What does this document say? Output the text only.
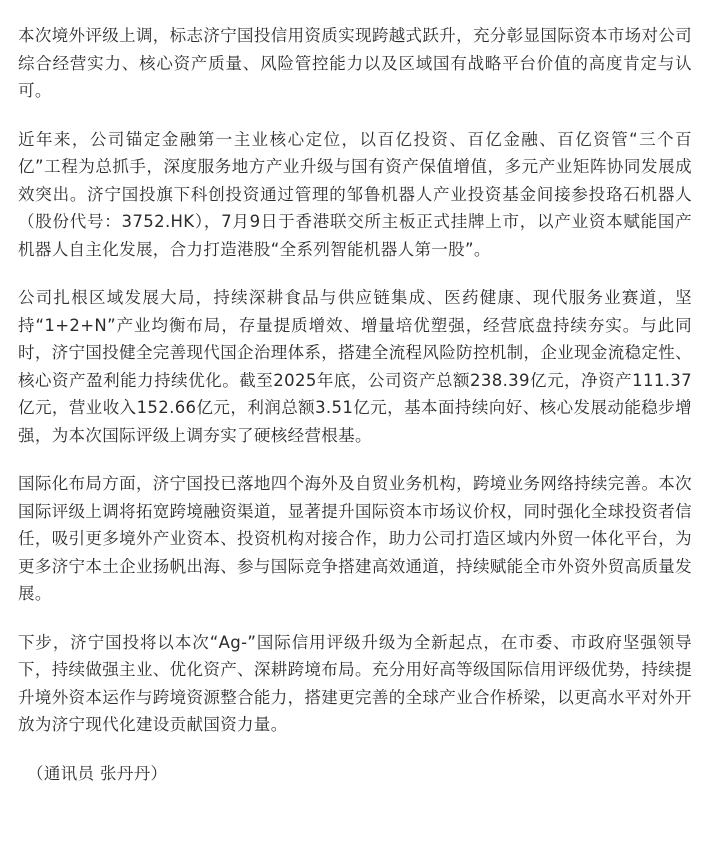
本次境外评级上调，标志济宁国投信用资质实现跨越式跃升，充分彰显国际资本市场对公司综合经营实力、核心资产质量、风险管控能力以及区域国有战略平台价值的高度肯定与认可。

近年来，公司锚定金融第一主业核心定位，以百亿投资、百亿金融、百亿资管“三个百亿”工程为总抓手，深度服务地方产业升级与国有资产保值增值，多元产业矩阵协同发展成效突出。济宁国投旗下科创投资通过管理的邹鲁机器人产业投资基金间接参投珞石机器人（股份代号：3752.HK），7月9日于香港联交所主板正式挂牌上市，以产业资本赋能国产机器人自主化发展，合力打造港股“全系列智能机器人第一股”。

公司扎根区域发展大局，持续深耕食品与供应链集成、医药健康、现代服务业赛道，坚持“1+2+N”产业均衡布局，存量提质增效、增量培优塑强，经营底盘持续夯实。与此同时，济宁国投健全完善现代国企治理体系，搭建全流程风险防控机制，企业现金流稳定性、核心资产盈利能力持续优化。截至2025年底，公司资产总额238.39亿元，净资产111.37亿元，营业收入152.66亿元，利润总额3.51亿元，基本面持续向好、核心发展动能稳步增强，为本次国际评级上调夯实了硬核经营根基。

国际化布局方面，济宁国投已落地四个海外及自贸业务机构，跨境业务网络持续完善。本次国际评级上调将拓宽跨境融资渠道，显著提升国际资本市场议价权，同时强化全球投资者信任，吸引更多境外产业资本、投资机构对接合作，助力公司打造区域内外贸一体化平台，为更多济宁本土企业扬帆出海、参与国际竞争搭建高效通道，持续赋能全市外资外贸高质量发展。

下步，济宁国投将以本次“Ag-”国际信用评级升级为全新起点，在市委、市政府坚强领导下，持续做强主业、优化资产、深耕跨境布局。充分用好高等级国际信用评级优势，持续提升境外资本运作与跨境资源整合能力，搭建更完善的全球产业合作桥梁，以更高水平对外开放为济宁现代化建设贡献国资力量。

（通讯员 张丹丹）
